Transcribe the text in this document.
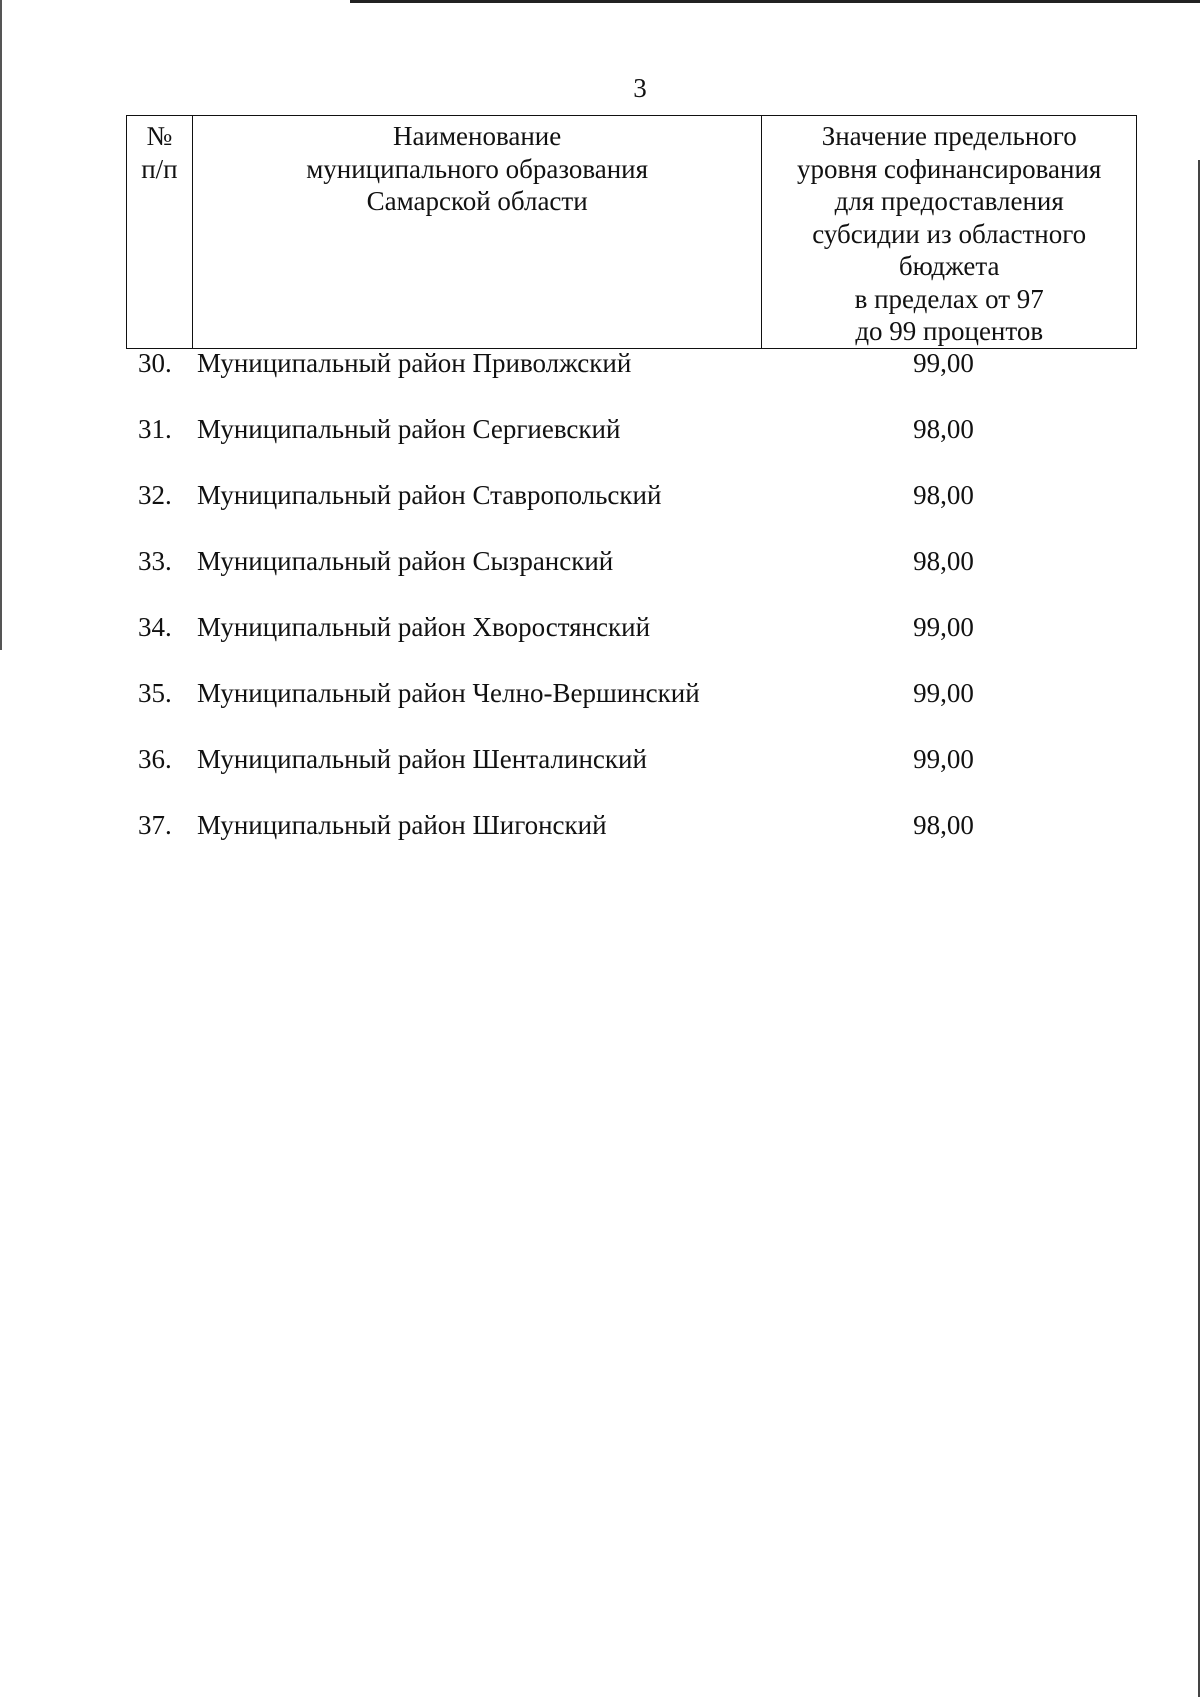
3
№
п/п

Наименование
муниципального образования
Самарской области

Значение предельного
уровня софинансирования
для предоставления
субсидии из областного
бюджета
в пределах от 97
до 99 процентов
30. Муниципальный район Приволжский	99,00
31. Муниципальный район Сергиевский	98,00
32. Муниципальный район Ставропольский	98,00
33. Муниципальный район Сызранский	98,00
34. Муниципальный район Хворостянский	99,00
35. Муниципальный район Челно-Вершинский	99,00
36. Муниципальный район Шенталинский	99,00
37. Муниципальный район Шигонский	98,00
